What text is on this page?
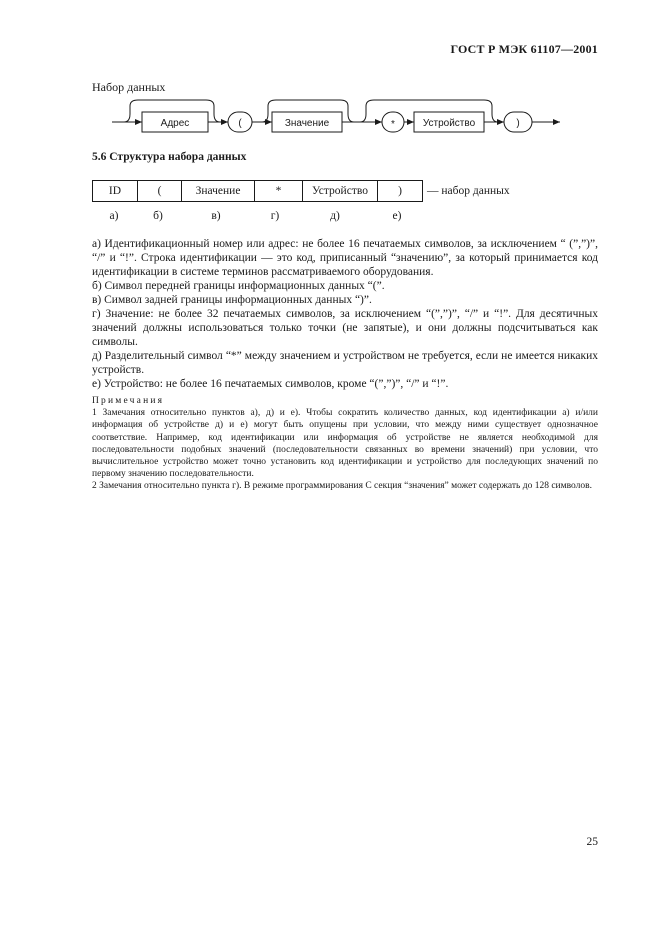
ГОСТ Р МЭК 61107—2001
Набор данных
Адрес	(	Значение	*	Устройство	)
5.6 Структура набора данных
ID	(	Значение	*	Устройство	) — набор данных
а)	б)	в)	г)	д)	е)

а) Идентификационный номер или адрес: не более 16 печатаемых символов, за исключением “ (”,”)”, “/” и “!”. Строка идентификации — это код, приписанный “значению”, за который принимается код идентификации в системе терминов рассматриваемого оборудования.

б) Символ передней границы информационных данных “(”.

в) Символ задней границы информационных данных “)”.

г) Значение: не более 32 печатаемых символов, за исключением “(”,”)”, “/” и “!”. Для десятичных значений должны использоваться только точки (не запятые), и они должны подсчитываться как символы.

д) Разделительный символ “*” между значением и устройством не требуется, если не имеется никаких устройств.

е) Устройство: не более 16 печатаемых символов, кроме “(”,”)”, “/” и “!”.

Примечания

1 Замечания относительно пунктов а), д) и е). Чтобы сократить количество данных, код идентификации а) и/или информация об устройстве д) и е) могут быть опущены при условии, что между ними существует однозначное соответствие. Например, код идентификации или информация об устройстве не является необходимой для последовательности подобных значений (последовательности связанных во времени значений) при условии, что вычислительное устройство может точно установить код идентификации и устройство для последующих значений по первому значению последовательности.

2 Замечания относительно пункта г). В режиме программирования С секция “значения” может содержать до 128 символов.

25
